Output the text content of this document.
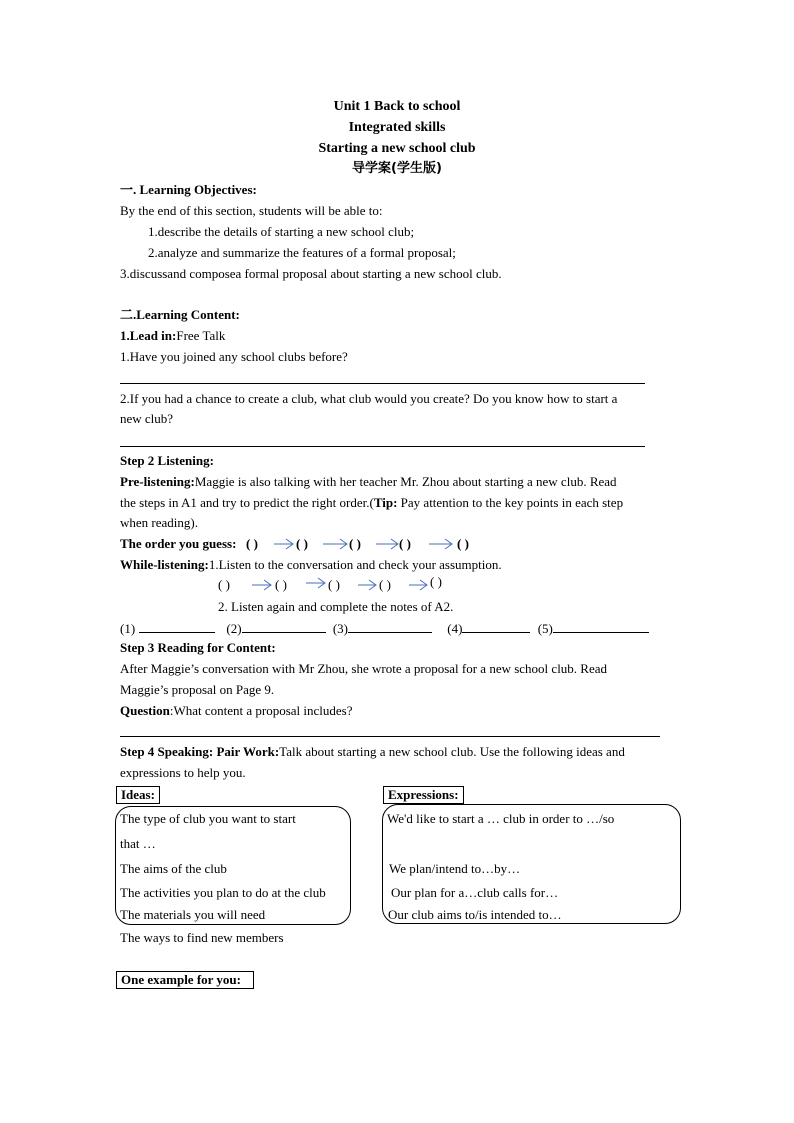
Unit 1 Back to school
Integrated skills
Starting a new school club
导学案(学生版)
一. Learning Objectives:
By the end of this section, students will be able to:
1.describe the details of starting a new school club;
2.analyze and summarize the features of a formal proposal;
3.discussand composea formal proposal about starting a new school club.
二.Learning Content:
1.Lead in:Free Talk
1.Have you joined any school clubs before?
2.If you had a chance to create a club, what club would you create? Do you know how to start a
new club?
Step 2 Listening:
Pre-listening:Maggie is also talking with her teacher Mr. Zhou about starting a new club. Read
the steps in A1 and try to predict the right order.(Tip: Pay attention to the key points in each step
when reading).
The order you guess: ( )	( )	( )	( )	( )
While-listening:1.Listen to the conversation and check your assumption.
( )	( )	( )	( )	( )
2. Listen again and complete the notes of A2.
(1)	(2)	(3)	(4)	(5)
Step 3 Reading for Content:
After Maggie’s conversation with Mr Zhou, she wrote a proposal for a new school club. Read
Maggie’s proposal on Page 9.
Question:What content a proposal includes?
Step 4 Speaking: Pair Work:Talk about starting a new school club. Use the following ideas and
expressions to help you.
Ideas:	Expressions:
The type of club you want to start
that …
The aims of the club
The activities you plan to do at the club
The materials you will need
The ways to find new members
We'd like to start a … club in order to …/so
We plan/intend to…by…
Our plan for a…club calls for…
Our club aims to/is intended to…
One example for you:
